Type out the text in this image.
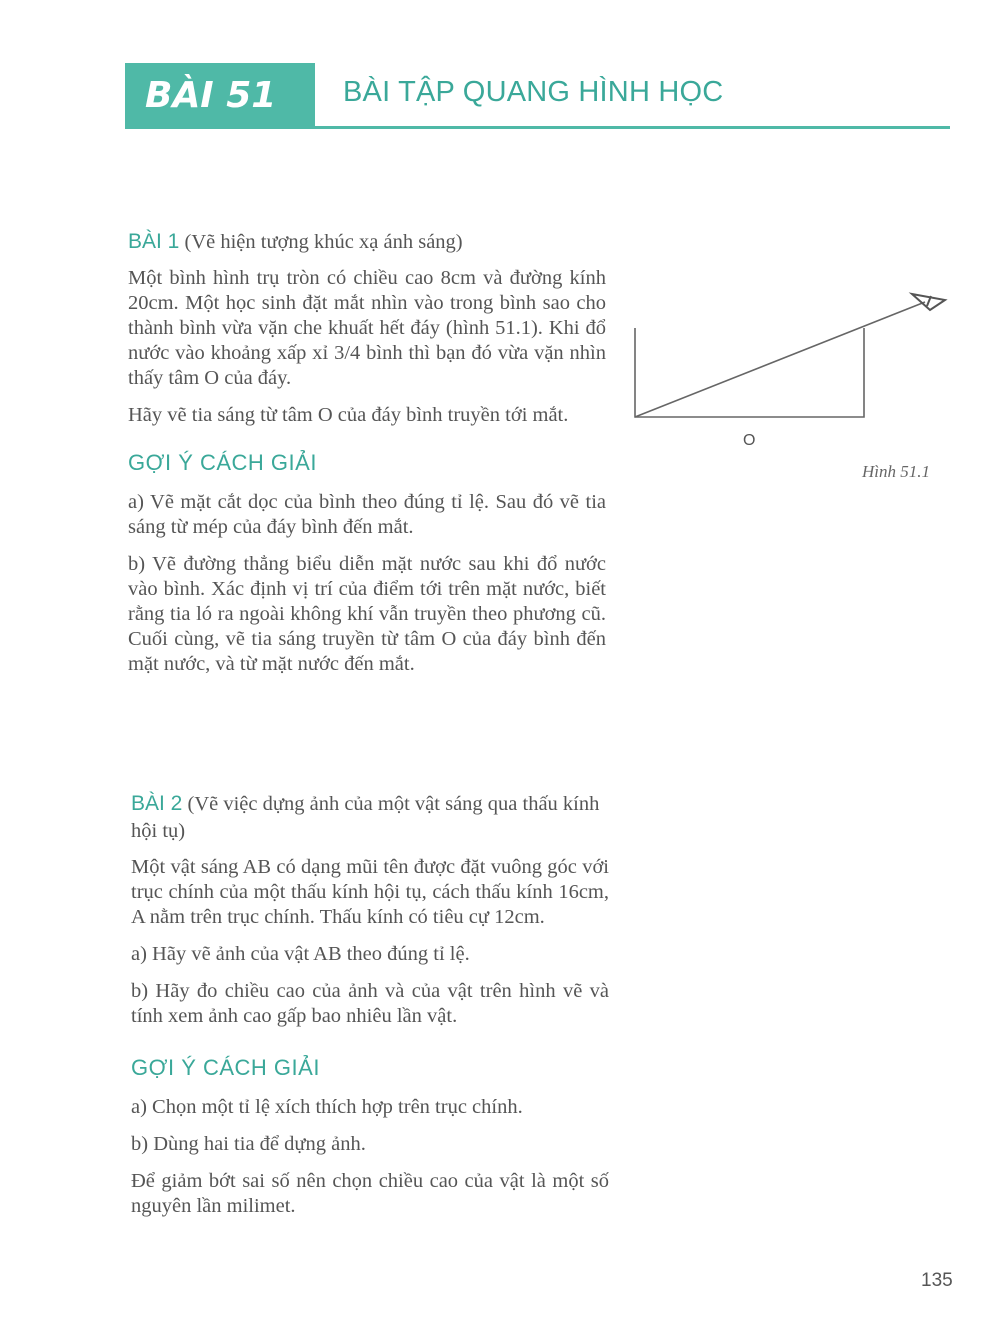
BÀI 51	BÀI TẬP QUANG HÌNH HỌC

BÀI 1 (Vẽ hiện tượng khúc xạ ánh sáng)

Một bình hình trụ tròn có chiều cao 8cm và đường kính 20cm. Một học sinh đặt mắt nhìn vào trong bình sao cho thành bình vừa vặn che khuất hết đáy (hình 51.1). Khi đổ nước vào khoảng xấp xỉ 3/4 bình thì bạn đó vừa vặn nhìn thấy tâm O của đáy.

Hãy vẽ tia sáng từ tâm O của đáy bình truyền tới mắt.

GỢI Ý CÁCH GIẢI

a) Vẽ mặt cắt dọc của bình theo đúng tỉ lệ. Sau đó vẽ tia sáng từ mép của đáy bình đến mắt.

b) Vẽ đường thẳng biểu diễn mặt nước sau khi đổ nước vào bình. Xác định vị trí của điểm tới trên mặt nước, biết rằng tia ló ra ngoài không khí vẫn truyền theo phương cũ. Cuối cùng, vẽ tia sáng truyền từ tâm O của đáy bình đến mặt nước, và từ mặt nước đến mắt.

O
Hình 51.1

BÀI 2 (Vẽ việc dựng ảnh của một vật sáng qua thấu kính hội tụ)

Một vật sáng AB có dạng mũi tên được đặt vuông góc với trục chính của một thấu kính hội tụ, cách thấu kính 16cm, A nằm trên trục chính. Thấu kính có tiêu cự 12cm.

a) Hãy vẽ ảnh của vật AB theo đúng tỉ lệ.

b) Hãy đo chiều cao của ảnh và của vật trên hình vẽ và tính xem ảnh cao gấp bao nhiêu lần vật.

GỢI Ý CÁCH GIẢI

a) Chọn một tỉ lệ xích thích hợp trên trục chính.

b) Dùng hai tia để dựng ảnh.

Để giảm bớt sai số nên chọn chiều cao của vật là một số nguyên lần milimet.

135
